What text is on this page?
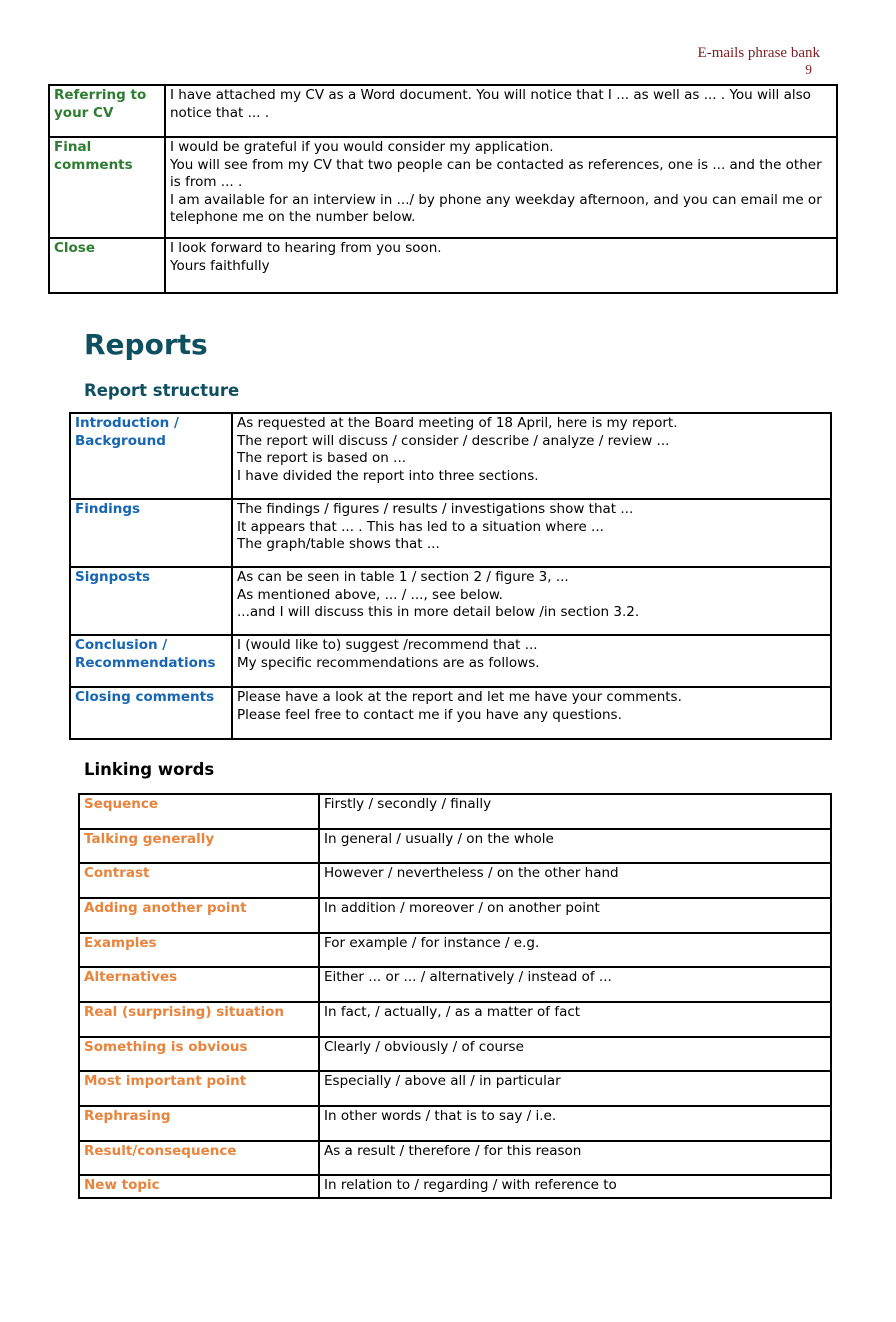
E-mails phrase bank
9
Referring to your CV	I have attached my CV as a Word document. You will notice that I ... as well as ... . You will also notice that ... .

Final comments	I would be grateful if you would consider my application.
You will see from my CV that two people can be contacted as references, one is ... and the other is from ... .
I am available for an interview in .../ by phone any weekday afternoon, and you can email me or telephone me on the number below.

Close	I look forward to hearing from you soon.
Yours faithfully
Reports
Report structure
Introduction / Background	As requested at the Board meeting of 18 April, here is my report.
The report will discuss / consider / describe / analyze / review ...
The report is based on ...
I have divided the report into three sections.

Findings	The findings / figures / results / investigations show that ...
It appears that ... . This has led to a situation where ...
The graph/table shows that ...

Signposts	As can be seen in table 1 / section 2 / figure 3, ...
As mentioned above, ... / ..., see below.
...and I will discuss this in more detail below /in section 3.2.

Conclusion / Recommendations	I (would like to) suggest /recommend that ...
My specific recommendations are as follows.

Closing comments	Please have a look at the report and let me have your comments.
Please feel free to contact me if you have any questions.
Linking words
Sequence	Firstly / secondly / finally
Talking generally	In general / usually / on the whole
Contrast	However / nevertheless / on the other hand
Adding another point	In addition / moreover / on another point
Examples	For example / for instance / e.g.
Alternatives	Either ... or ... / alternatively / instead of ...
Real (surprising) situation	In fact, / actually, / as a matter of fact
Something is obvious	Clearly / obviously / of course
Most important point	Especially / above all / in particular
Rephrasing	In other words / that is to say / i.e.
Result/consequence	As a result / therefore / for this reason
New topic	In relation to / regarding / with reference to
